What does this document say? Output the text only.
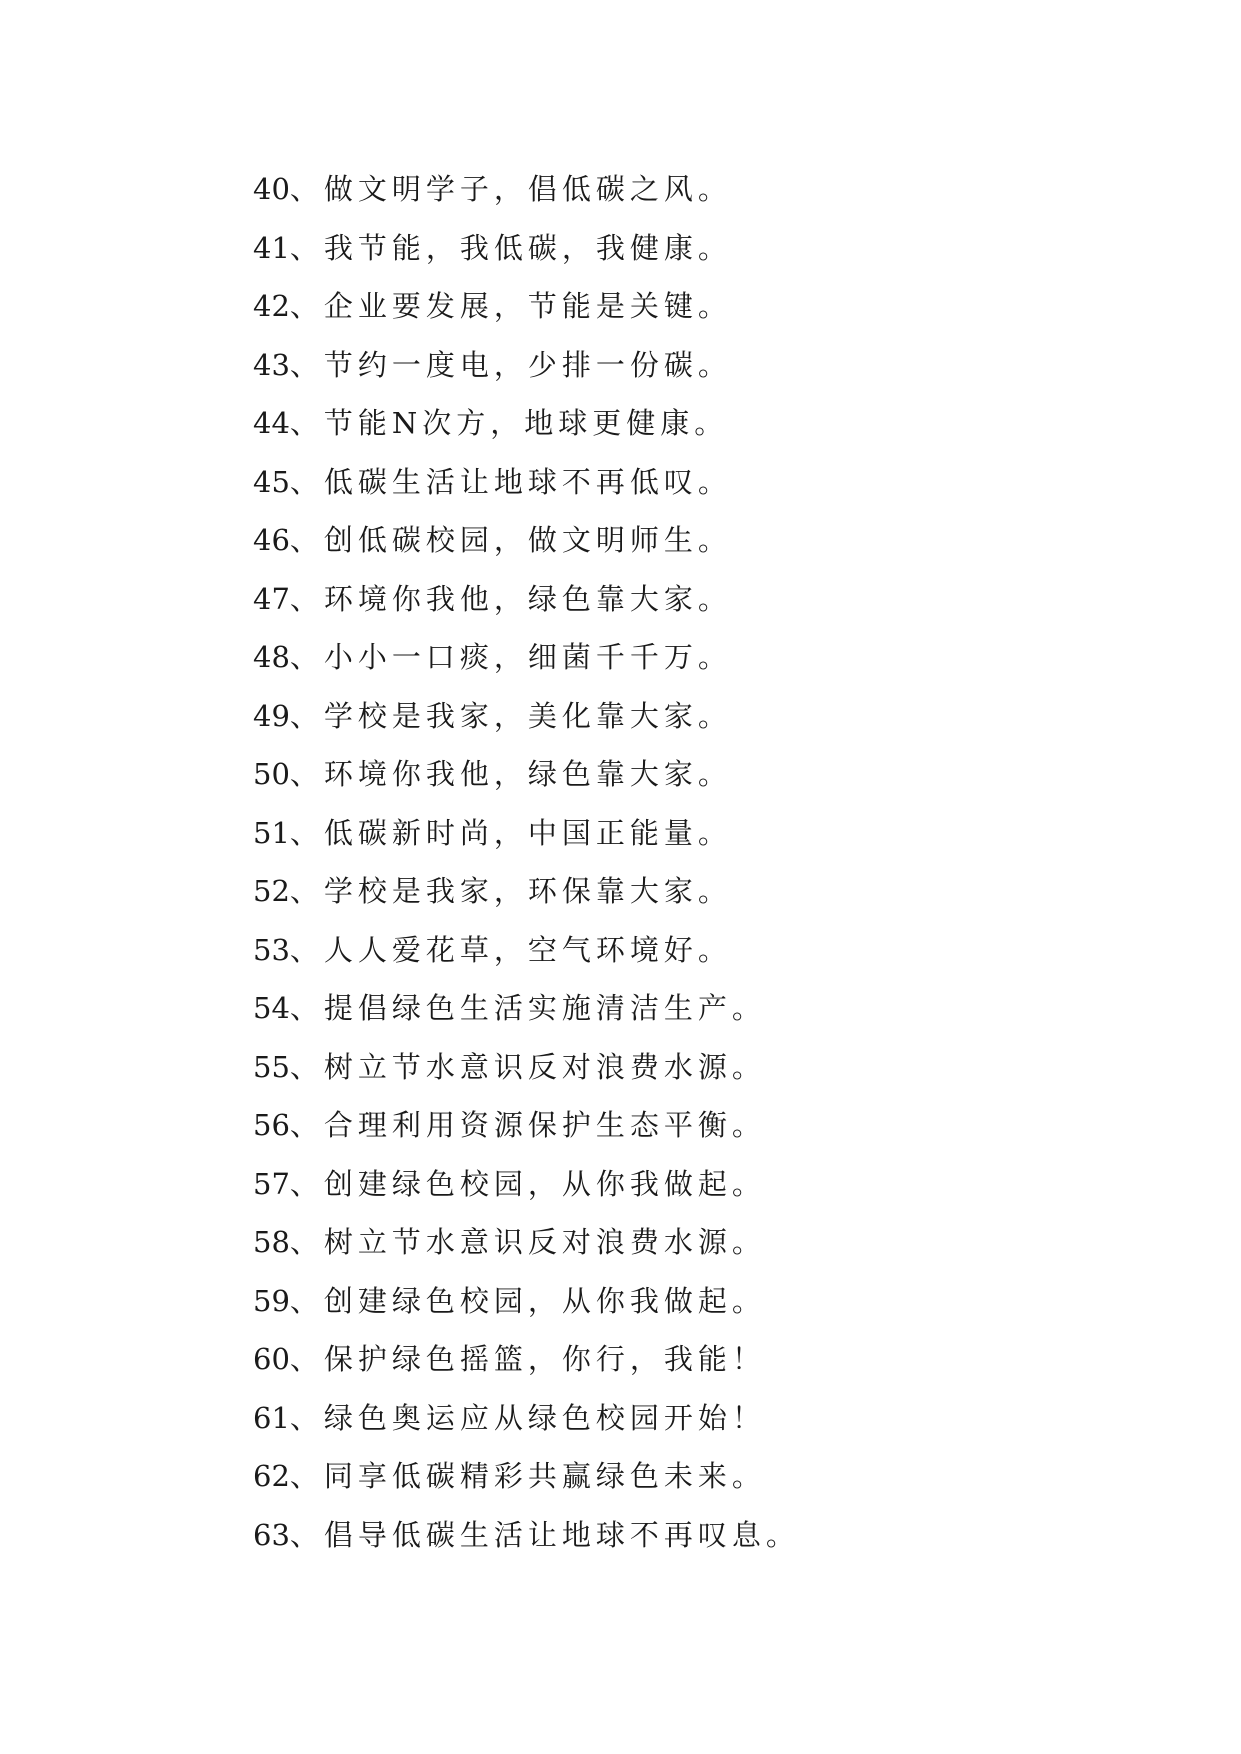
40、做文明学子，倡低碳之风。
41、我节能，我低碳，我健康。
42、企业要发展，节能是关键。
43、节约一度电，少排一份碳。
44、节能N次方，地球更健康。
45、低碳生活让地球不再低叹。
46、创低碳校园，做文明师生。
47、环境你我他，绿色靠大家。
48、小小一口痰，细菌千千万。
49、学校是我家，美化靠大家。
50、环境你我他，绿色靠大家。
51、低碳新时尚，中国正能量。
52、学校是我家，环保靠大家。
53、人人爱花草，空气环境好。
54、提倡绿色生活实施清洁生产。
55、树立节水意识反对浪费水源。
56、合理利用资源保护生态平衡。
57、创建绿色校园，从你我做起。
58、树立节水意识反对浪费水源。
59、创建绿色校园，从你我做起。
60、保护绿色摇篮，你行，我能！
61、绿色奥运应从绿色校园开始！
62、同享低碳精彩共赢绿色未来。
63、倡导低碳生活让地球不再叹息。
